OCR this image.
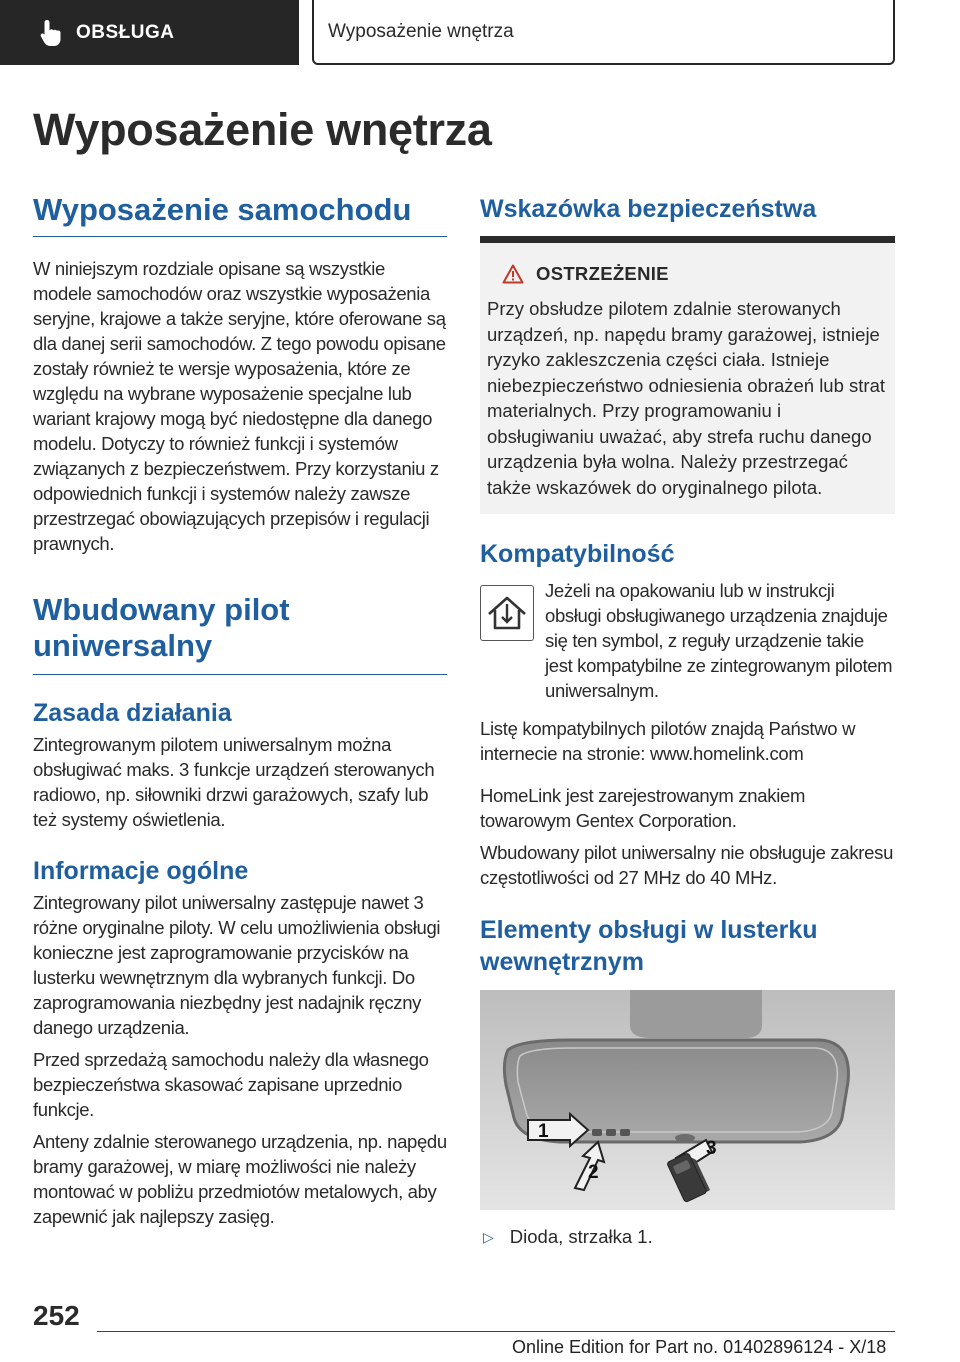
OBSŁUGA	Wyposażenie wnętrza
Wyposażenie wnętrza
Wyposażenie samochodu

W niniejszym rozdziale opisane są wszystkie modele samochodów oraz wszystkie wyposażenia seryjne, krajowe a także seryjne, które oferowane są dla danej serii samochodów. Z tego powodu opisane zostały również te wersje wyposażenia, które ze względu na wybrane wyposażenie specjalne lub wariant krajowy mogą być niedostępne dla danego modelu. Dotyczy to również funkcji i systemów związanych z bezpieczeństwem. Przy korzystaniu z odpowiednich funkcji i systemów należy zawsze przestrzegać obowiązujących przepisów i regulacji prawnych.

Wbudowany pilot uniwersalny
Zasada działania

Zintegrowanym pilotem uniwersalnym można obsługiwać maks. 3 funkcje urządzeń sterowanych radiowo, np. siłowniki drzwi garażowych, szafy lub też systemy oświetlenia.

Informacje ogólne

Zintegrowany pilot uniwersalny zastępuje nawet 3 różne oryginalne piloty. W celu umożliwienia obsługi konieczne jest zaprogramowanie przycisków na lusterku wewnętrznym dla wybranych funkcji. Do zaprogramowania niezbędny jest nadajnik ręczny danego urządzenia.

Przed sprzedażą samochodu należy dla własnego bezpieczeństwa skasować zapisane uprzednio funkcje.

Anteny zdalnie sterowanego urządzenia, np. napędu bramy garażowej, w miarę możliwości nie należy montować w pobliżu przedmiotów metalowych, aby zapewnić jak najlepszy zasięg.

Wskazówka bezpieczeństwa
OSTRZEŻENIE
Przy obsłudze pilotem zdalnie sterowanych urządzeń, np. napędu bramy garażowej, istnieje ryzyko zakleszczenia części ciała. Istnieje niebezpieczeństwo odniesienia obrażeń lub strat materialnych. Przy programowaniu i obsługiwaniu uważać, aby strefa ruchu danego urządzenia była wolna. Należy przestrzegać także wskazówek do oryginalnego pilota.
Kompatybilność

Jeżeli na opakowaniu lub w instrukcji obsługi obsługiwanego urządzenia znajduje się ten symbol, z reguły urządzenie takie jest kompatybilne ze zintegrowanym pilotem uniwersalnym.

Listę kompatybilnych pilotów znajdą Państwo w internecie na stronie: www.homelink.com

HomeLink jest zarejestrowanym znakiem towarowym Gentex Corporation.

Wbudowany pilot uniwersalny nie obsługuje zakresu częstotliwości od 27 MHz do 40 MHz.

Elementy obsługi w lusterku wewnętrznym
1
2
3
▷ Dioda, strzałka 1.
252
Online Edition for Part no. 01402896124 - X/18
